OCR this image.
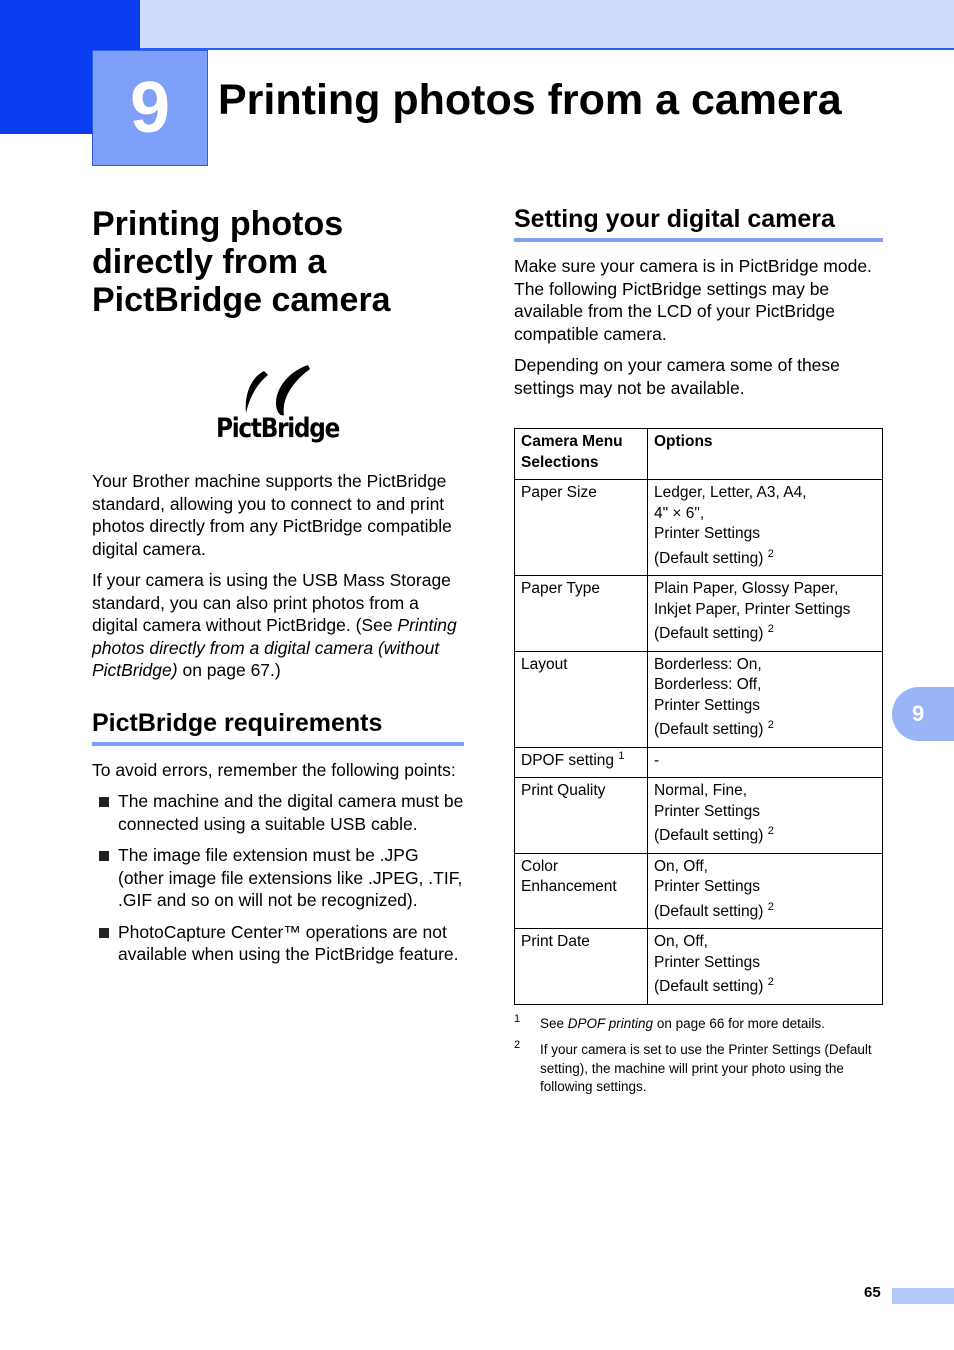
9 Printing photos from a camera
Printing photos
directly from a
PictBridge camera
PictBridge

Your Brother machine supports the PictBridge standard, allowing you to connect to and print photos directly from any PictBridge compatible digital camera.

If your camera is using the USB Mass Storage standard, you can also print photos from a digital camera without PictBridge. (See Printing photos directly from a digital camera (without PictBridge) on page 67.)

PictBridge requirements

To avoid errors, remember the following points:

The machine and the digital camera must be connected using a suitable USB cable.
The image file extension must be .JPG (other image file extensions like .JPEG, .TIF, .GIF and so on will not be recognized).
PhotoCapture Center™ operations are not available when using the PictBridge feature.
Setting your digital camera

Make sure your camera is in PictBridge mode. The following PictBridge settings may be available from the LCD of your PictBridge compatible camera.

Depending on your camera some of these settings may not be available.

Camera Menu Selections	Options
Paper Size	Ledger, Letter, A3, A4,
4" × 6",
Printer Settings
(Default setting) $^2$

Paper Type	Plain Paper, Glossy Paper,
Inkjet Paper, Printer Settings
(Default setting) $^2$

Layout	Borderless: On,
Borderless: Off,
Printer Settings
(Default setting) $^2$

DPOF setting $^1$	-

Print Quality	Normal, Fine,
Printer Settings
(Default setting) $^2$

Color Enhancement	On, Off,
Printer Settings
(Default setting) $^2$

Print Date	On, Off,
Printer Settings
(Default setting) $^2$
1 See DPOF printing on page 66 for more details.
2 If your camera is set to use the Printer Settings (Default setting), the machine will print your photo using the following settings.
9
65
